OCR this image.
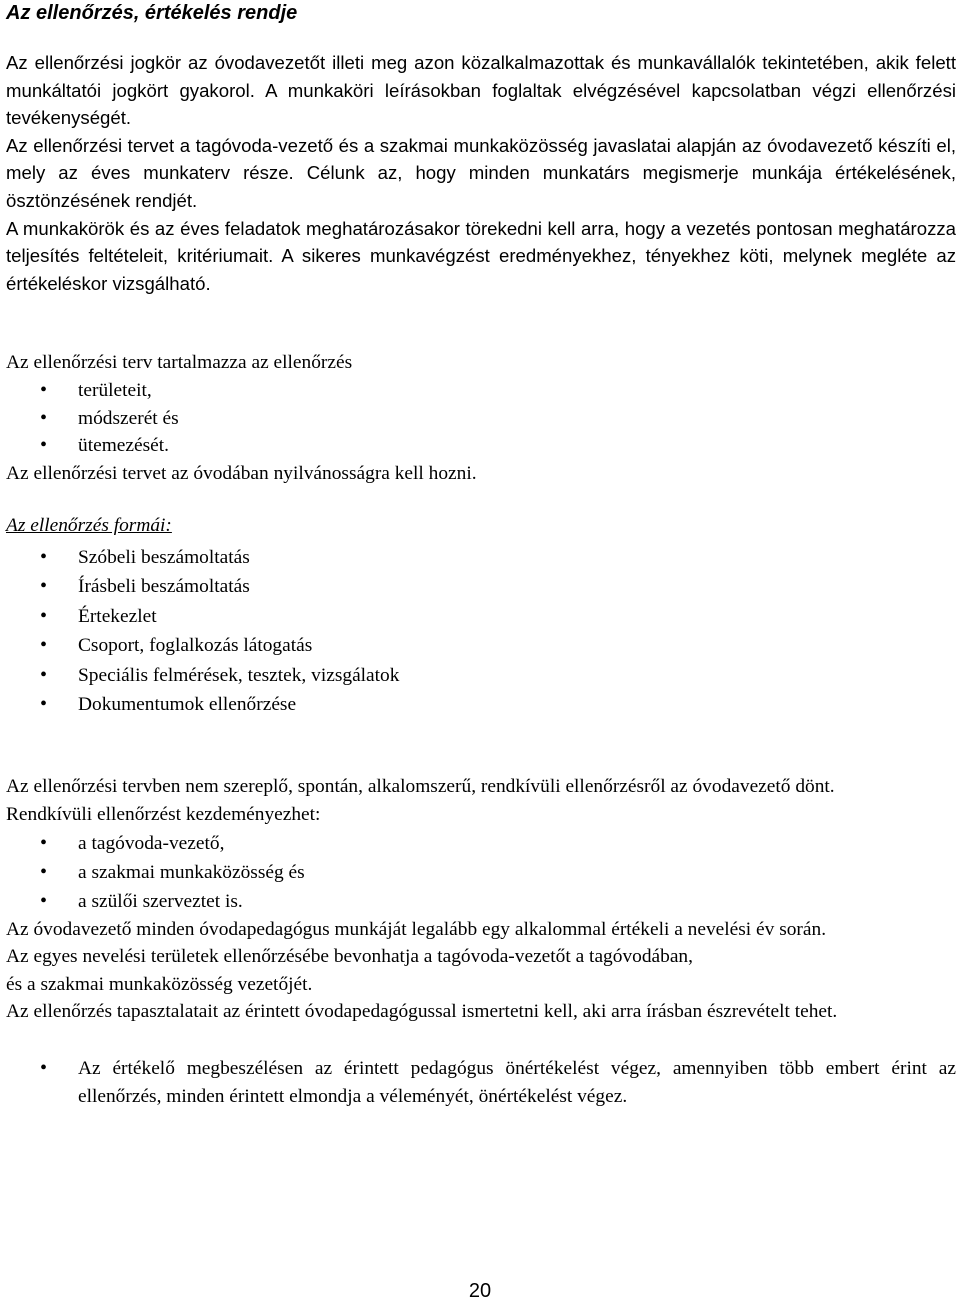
Az ellenőrzés, értékelés rendje

Az ellenőrzési jogkör az óvodavezetőt illeti meg azon közalkalmazottak és munkavállalók tekintetében, akik felett munkáltatói jogkört gyakorol. A munkaköri leírásokban foglaltak elvégzésével kapcsolatban végzi ellenőrzési tevékenységét.

Az ellenőrzési tervet a tagóvoda-vezető és a szakmai munkaközösség javaslatai alapján az óvodavezető készíti el, mely az éves munkaterv része. Célunk az, hogy minden munkatárs megismerje munkája értékelésének, ösztönzésének rendjét.

A munkakörök és az éves feladatok meghatározásakor törekedni kell arra, hogy a vezetés pontosan meghatározza teljesítés feltételeit, kritériumait. A sikeres munkavégzést eredményekhez, tényekhez köti, melynek megléte az értékeléskor vizsgálható.

Az ellenőrzési terv tartalmazza az ellenőrzés

• területeit,
• módszerét és
• ütemezését.

Az ellenőrzési tervet az óvodában nyilvánosságra kell hozni.

Az ellenőrzés formái:

• Szóbeli beszámoltatás
• Írásbeli beszámoltatás
• Értekezlet
• Csoport, foglalkozás látogatás
• Speciális felmérések, tesztek, vizsgálatok
• Dokumentumok ellenőrzése

Az ellenőrzési tervben nem szereplő, spontán, alkalomszerű, rendkívüli ellenőrzésről az óvodavezető dönt.

Rendkívüli ellenőrzést kezdeményezhet:

• a tagóvoda-vezető,
• a szakmai munkaközösség és
• a szülői szerveztet is.

Az óvodavezető minden óvodapedagógus munkáját legalább egy alkalommal értékeli a nevelési év során.

Az egyes nevelési területek ellenőrzésébe bevonhatja a tagóvoda-vezetőt a tagóvodában,

és a szakmai munkaközösség vezetőjét.

Az ellenőrzés tapasztalatait az érintett óvodapedagógussal ismertetni kell, aki arra írásban észrevételt tehet.

• Az értékelő megbeszélésen az érintett pedagógus önértékelést végez, amennyiben több embert érint az ellenőrzés, minden érintett elmondja a véleményét, önértékelést végez.
20
